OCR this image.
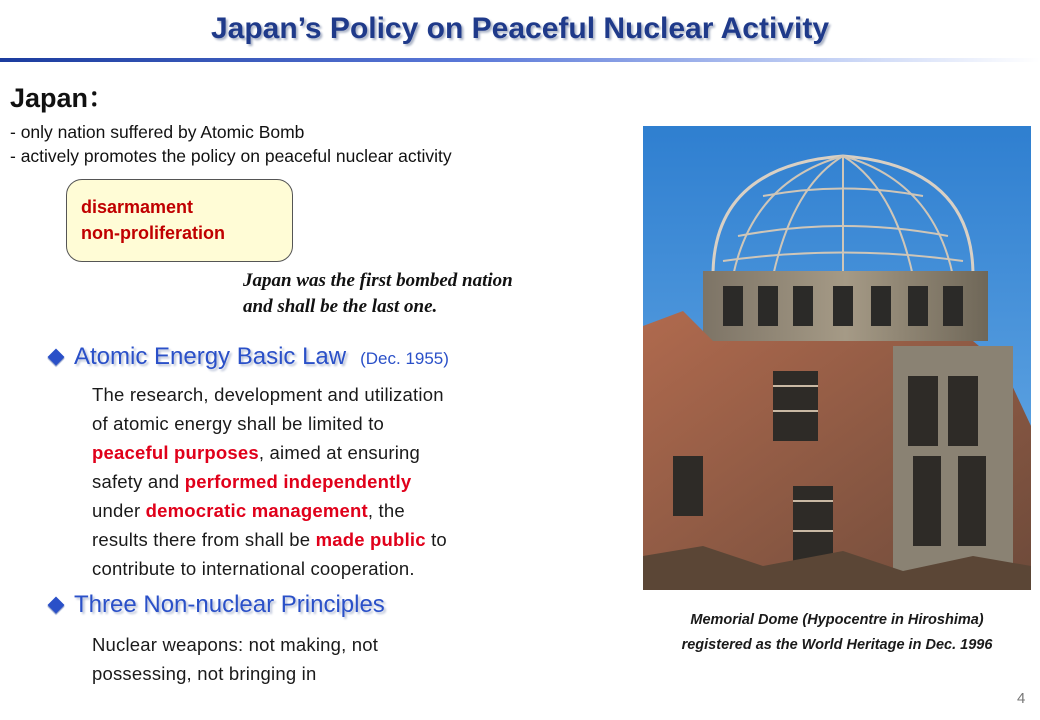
Japan’s Policy on Peaceful Nuclear Activity
Japan：
- only nation suffered by Atomic Bomb
- actively promotes the policy on peaceful nuclear activity
disarmament
non-proliferation
Japan was the first bombed nation
and shall be the last one.
Atomic Energy Basic Law (Dec. 1955)
The research, development and utilization
of atomic energy shall be limited to
peaceful purposes, aimed at ensuring
safety and performed independently
under democratic management, the
results there from shall be made public to
contribute to international cooperation.
Three Non-nuclear Principles
Nuclear weapons: not making, not
possessing, not bringing in
Memorial Dome (Hypocentre in Hiroshima)
registered as the World Heritage in Dec. 1996
4
